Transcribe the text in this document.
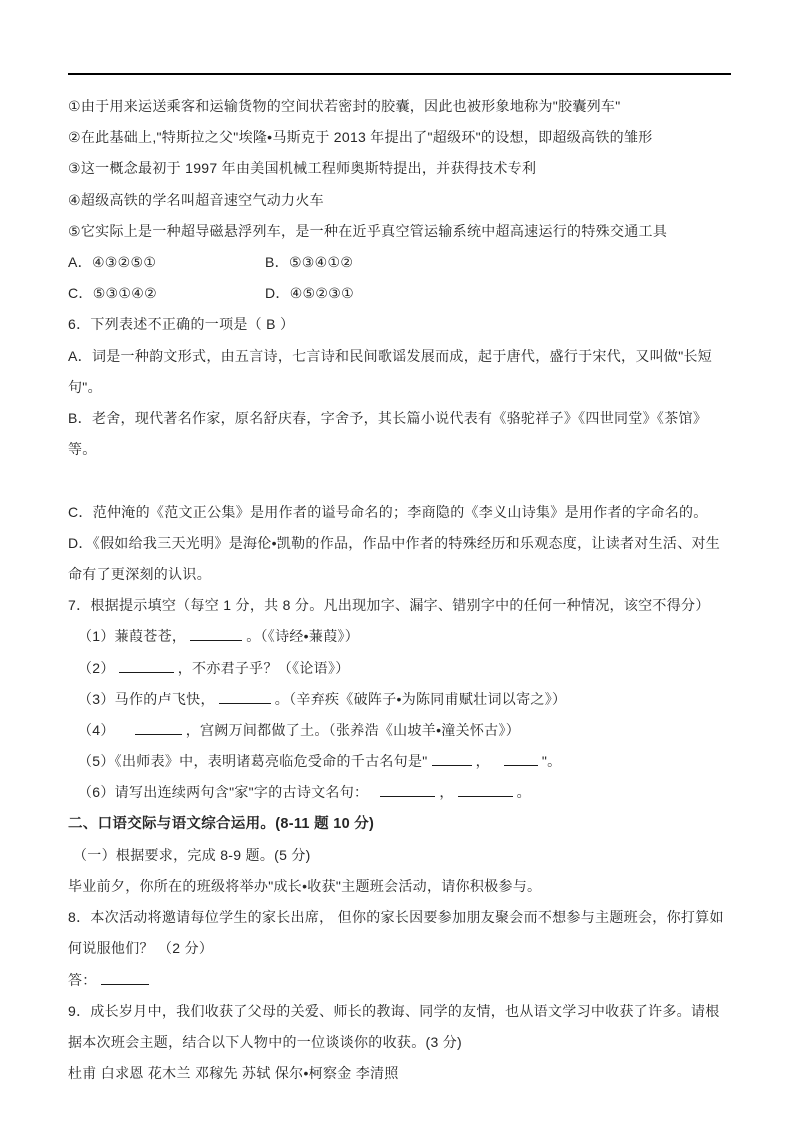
①由于用来运送乘客和运输货物的空间状若密封的胶囊，因此也被形象地称为"胶囊列车"

②在此基础上,"特斯拉之父"埃隆•马斯克于 2013 年提出了"超级环"的设想，即超级高铁的雏形

③这一概念最初于 1997 年由美国机械工程师奥斯特提出，并获得技术专利

④超级高铁的学名叫超音速空气动力火车

⑤它实际上是一种超导磁悬浮列车，是一种在近乎真空管运输系统中超高速运行的特殊交通工具

A．④③②⑤①	B．⑤③④①②

C．⑤③①④②	D．④⑤②③①

6．下列表述不正确的一项是（ B ）

A．词是一种韵文形式，由五言诗，七言诗和民间歌谣发展而成，起于唐代，盛行于宋代，又叫做"长短句"。

B．老舍，现代著名作家，原名舒庆春，字舍予，其长篇小说代表有《骆驼祥子》《四世同堂》《茶馆》等。

C．范仲淹的《范文正公集》是用作者的谥号命名的；李商隐的《李义山诗集》是用作者的字命名的。

D．《假如给我三天光明》是海伦•凯勒的作品，作品中作者的特殊经历和乐观态度，让读者对生活、对生命有了更深刻的认识。

7．根据提示填空（每空 1 分，共 8 分。凡出现加字、漏字、错别字中的任何一种情况，该空不得分）

（1）蒹葭苍苍，	。（《诗经•蒹葭》）

（2）	，不亦君子乎？（《论语》）

（3）马作的卢飞快，	。（辛弃疾《破阵子•为陈同甫赋壮词以寄之》）

（4）	，宫阙万间都做了土。（张养浩《山坡羊•潼关怀古》）

（5）《出师表》中，表明诸葛亮临危受命的千古名句是"	，	"。

（6）请写出连续两句含"家"字的古诗文名句：	，	。

二、口语交际与语文综合运用。(8-11 题 10 分)

（一）根据要求，完成 8-9 题。(5 分)

毕业前夕，你所在的班级将举办"成长•收获"主题班会活动，请你积极参与。

8．本次活动将邀请每位学生的家长出席， 但你的家长因要参加朋友聚会而不想参与主题班会，你打算如何说服他们？ （2 分）

答：

9．成长岁月中，我们收获了父母的关爱、师长的教诲、同学的友情，也从语文学习中收获了许多。请根据本次班会主题，结合以下人物中的一位谈谈你的收获。(3 分)

杜甫 白求恩 花木兰 邓稼先 苏轼 保尔•柯察金 李清照
